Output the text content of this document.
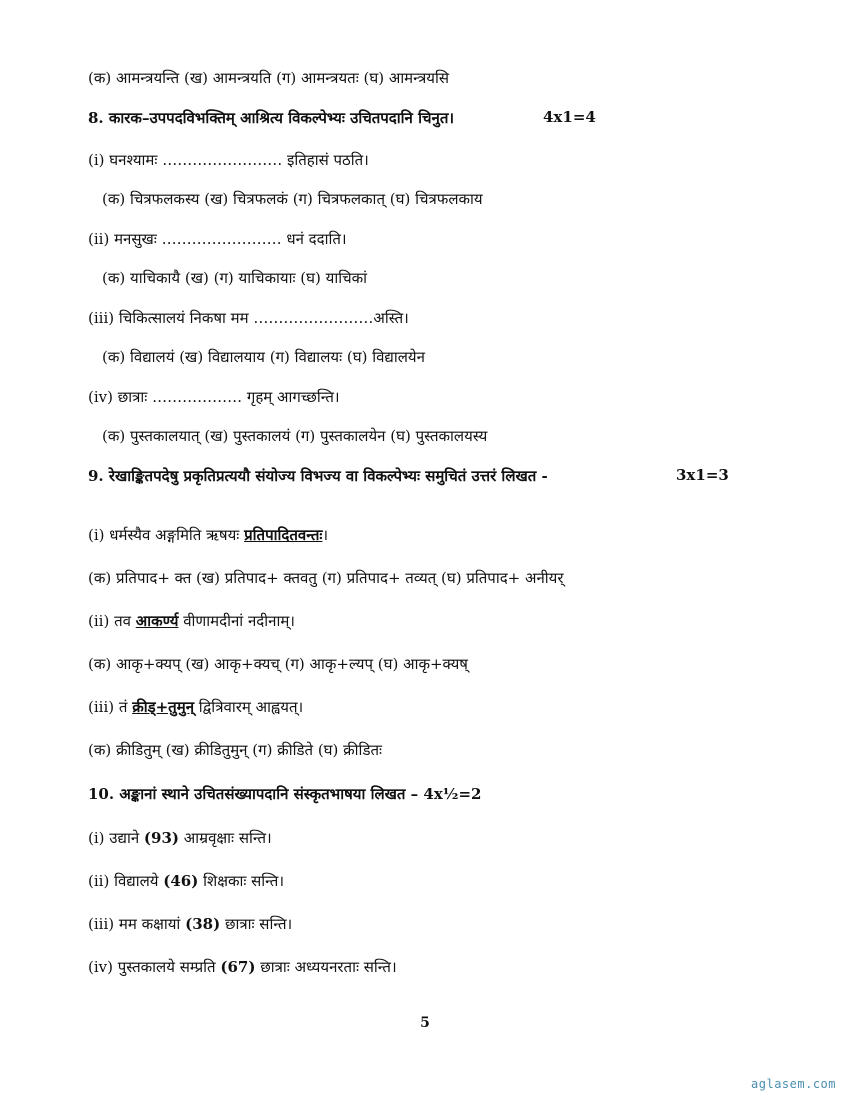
(क) आमन्त्रयन्ति (ख) आमन्त्रयति (ग) आमन्त्रयतः (घ) आमन्त्रयसि
8. कारक–उपपदविभक्तिम् आश्रित्य विकल्पेभ्यः उचितपदानि चिनुत।	4x1=4
(i) घनश्यामः …………………… इतिहासं पठति।
(क) चित्रफलकस्य (ख) चित्रफलकं (ग) चित्रफलकात् (घ) चित्रफलकाय
(ii) मनसुखः …………………… धनं ददाति।
(क) याचिकायै (ख) (ग) याचिकायाः (घ) याचिकां
(iii) चिकित्सालयं निकषा मम ……………………अस्ति।
(क) विद्यालयं (ख) विद्यालयाय (ग) विद्यालयः (घ) विद्यालयेन
(iv) छात्राः ……………… गृहम् आगच्छन्ति।
(क) पुस्तकालयात् (ख) पुस्तकालयं (ग) पुस्तकालयेन (घ) पुस्तकालयस्य
9. रेखाङ्कितपदेषु प्रकृतिप्रत्ययौ संयोज्य विभज्य वा विकल्पेभ्यः समुचितं उत्तरं लिखत -	3x1=3
(i) धर्मस्यैव अङ्गमिति ऋषयः प्रतिपादितवन्तः।
(क) प्रतिपाद+ क्त (ख) प्रतिपाद+ क्तवतु (ग) प्रतिपाद+ तव्यत् (घ) प्रतिपाद+ अनीयर्
(ii) तव आकर्ण्य वीणामदीनां नदीनाम्।
(क) आकृ+क्यप् (ख) आकृ+क्यच् (ग) आकृ+ल्यप् (घ) आकृ+क्यष्
(iii) तं क्रीड्+तुमुन् द्वित्रिवारम् आह्वयत्।
(क) क्रीडितुम् (ख) क्रीडितुमुन् (ग) क्रीडिते (घ) क्रीडितः
10. अङ्कानां स्थाने उचितसंख्यापदानि संस्कृतभाषया लिखत – 4x½=2
(i) उद्याने (93) आम्रवृक्षाः सन्ति।
(ii) विद्यालये (46) शिक्षकाः सन्ति।
(iii) मम कक्षायां (38) छात्राः सन्ति।
(iv) पुस्तकालये सम्प्रति (67) छात्राः अध्ययनरताः सन्ति।
5
aglasem.com
